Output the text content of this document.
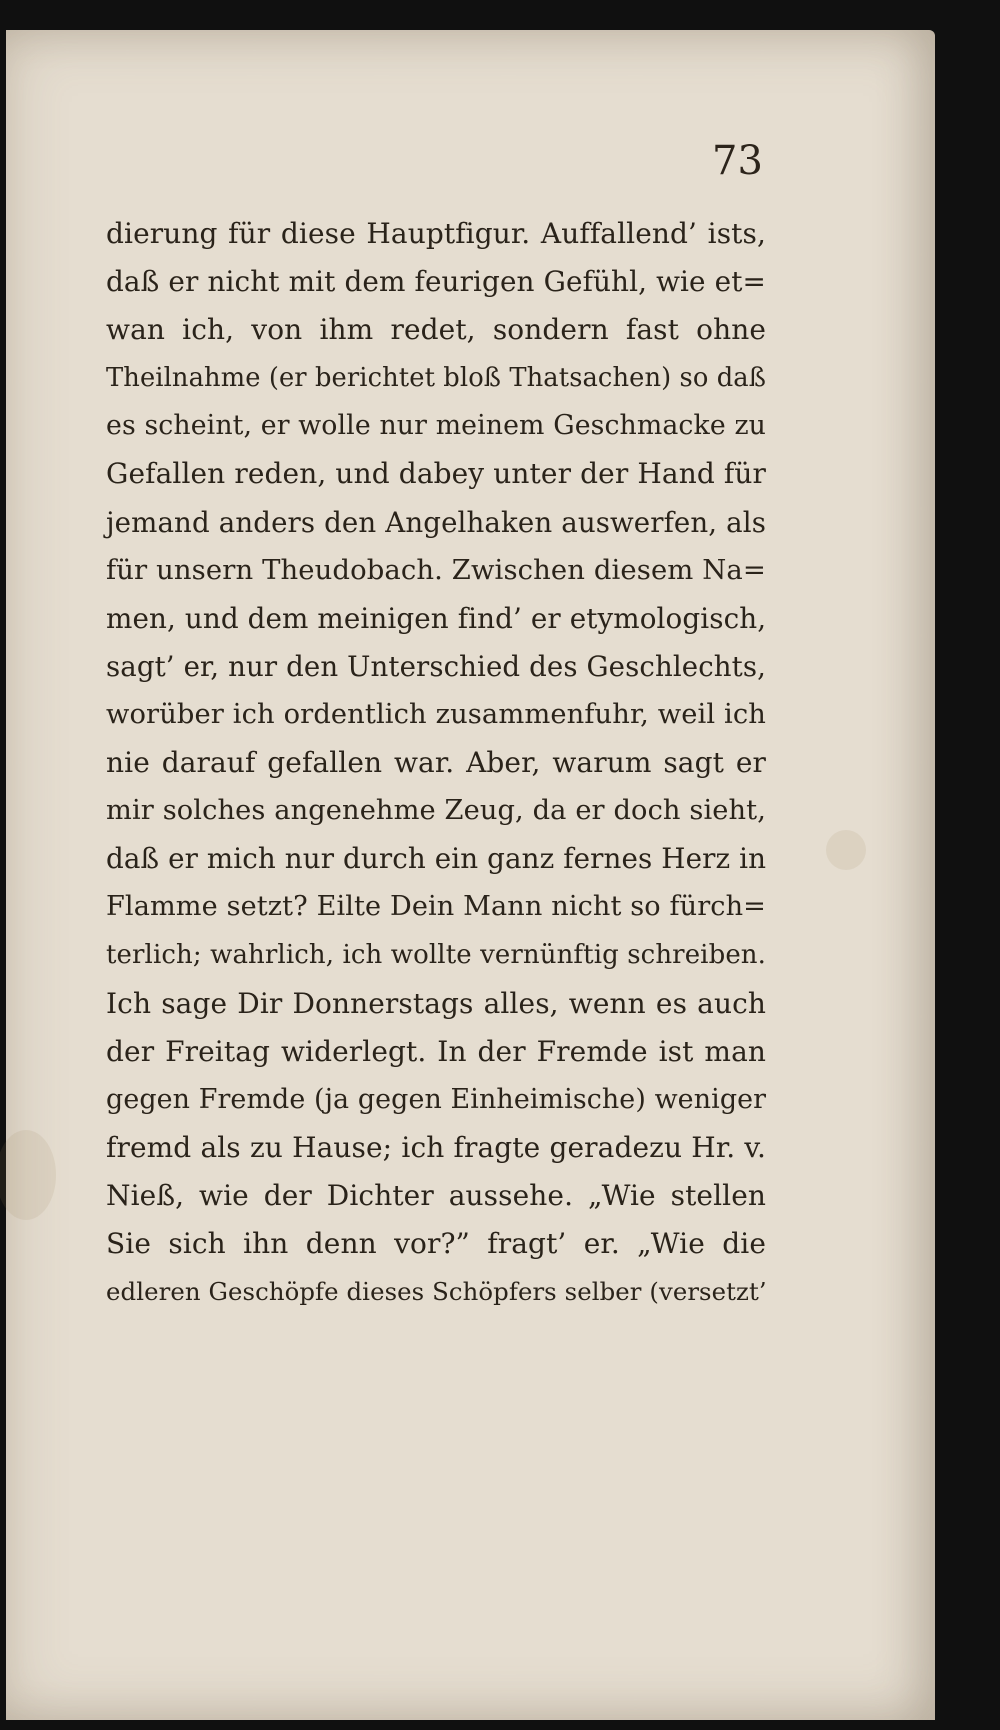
73
dierung für diese Hauptfigur. Auffallend’ ists,
daß er nicht mit dem feurigen Gefühl, wie et=
wan ich, von ihm redet, sondern fast ohne
Theilnahme (er berichtet bloß Thatsachen) so daß
es scheint, er wolle nur meinem Geschmacke zu
Gefallen reden, und dabey unter der Hand für
jemand anders den Angelhaken auswerfen, als
für unsern Theudobach. Zwischen diesem Na=
men, und dem meinigen find’ er etymologisch,
sagt’ er, nur den Unterschied des Geschlechts,
worüber ich ordentlich zusammenfuhr, weil ich
nie darauf gefallen war. Aber, warum sagt er
mir solches angenehme Zeug, da er doch sieht,
daß er mich nur durch ein ganz fernes Herz in
Flamme setzt? Eilte Dein Mann nicht so fürch=
terlich; wahrlich, ich wollte vernünftig schreiben.
Ich sage Dir Donnerstags alles, wenn es auch
der Freitag widerlegt. In der Fremde ist man
gegen Fremde (ja gegen Einheimische) weniger
fremd als zu Hause; ich fragte geradezu Hr. v.
Nieß, wie der Dichter aussehe. „Wie stellen
Sie sich ihn denn vor?” fragt’ er. „Wie die
edleren Geschöpfe dieses Schöpfers selber (versetzt’
